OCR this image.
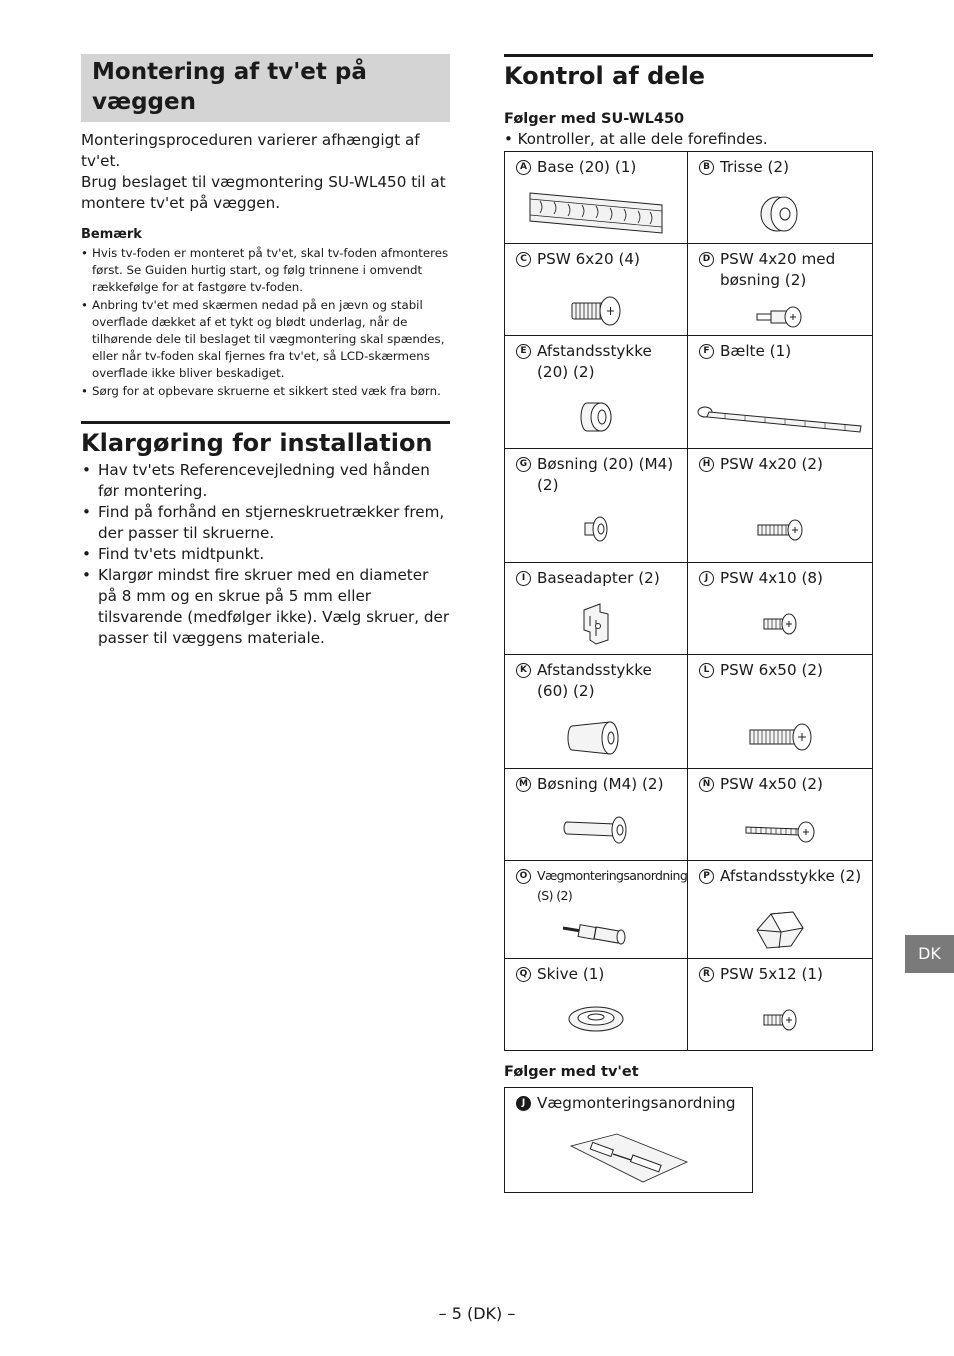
Montering af tv'et på væggen

Monteringsproceduren varierer afhængigt af tv'et.
Brug beslaget til vægmontering SU-WL450 til at montere tv'et på væggen.

Bemærk
• Hvis tv-foden er monteret på tv'et, skal tv-foden afmonteres først. Se Guiden hurtig start, og følg trinnene i omvendt rækkefølge for at fastgøre tv-foden.
• Anbring tv'et med skærmen nedad på en jævn og stabil overflade dækket af et tykt og blødt underlag, når de tilhørende dele til beslaget til vægmontering skal spændes, eller når tv-foden skal fjernes fra tv'et, så LCD-skærmens overflade ikke bliver beskadiget.
• Sørg for at opbevare skruerne et sikkert sted væk fra børn.
Klargøring for installation
• Hav tv'ets Referencevejledning ved hånden før montering.
• Find på forhånd en stjerneskruetrækker frem, der passer til skruerne.
• Find tv'ets midtpunkt.
• Klargør mindst fire skruer med en diameter på 8 mm og en skrue på 5 mm eller tilsvarende (medfølger ikke). Vælg skruer, der passer til væggens materiale.
Kontrol af dele
Følger med SU-WL450
• Kontroller, at alle dele forefindes.
A Base (20) (1)	B Trisse (2)

C PSW 6x20 (4)	D PSW 4x20 med bøsning (2)

E Afstandsstykke (20) (2)	F Bælte (1)

G Bøsning (20) (M4) (2)	H PSW 4x20 (2)

I Baseadapter (2)	J PSW 4x10 (8)

K Afstandsstykke (60) (2)	L PSW 6x50 (2)

M Bøsning (M4) (2)	N PSW 4x50 (2)

O Vægmonteringsanordning (S) (2)	P Afstandsstykke (2)

Q Skive (1)	R PSW 5x12 (1)
Følger med tv'et
J Vægmonteringsanordning
DK
– 5 (DK) –
